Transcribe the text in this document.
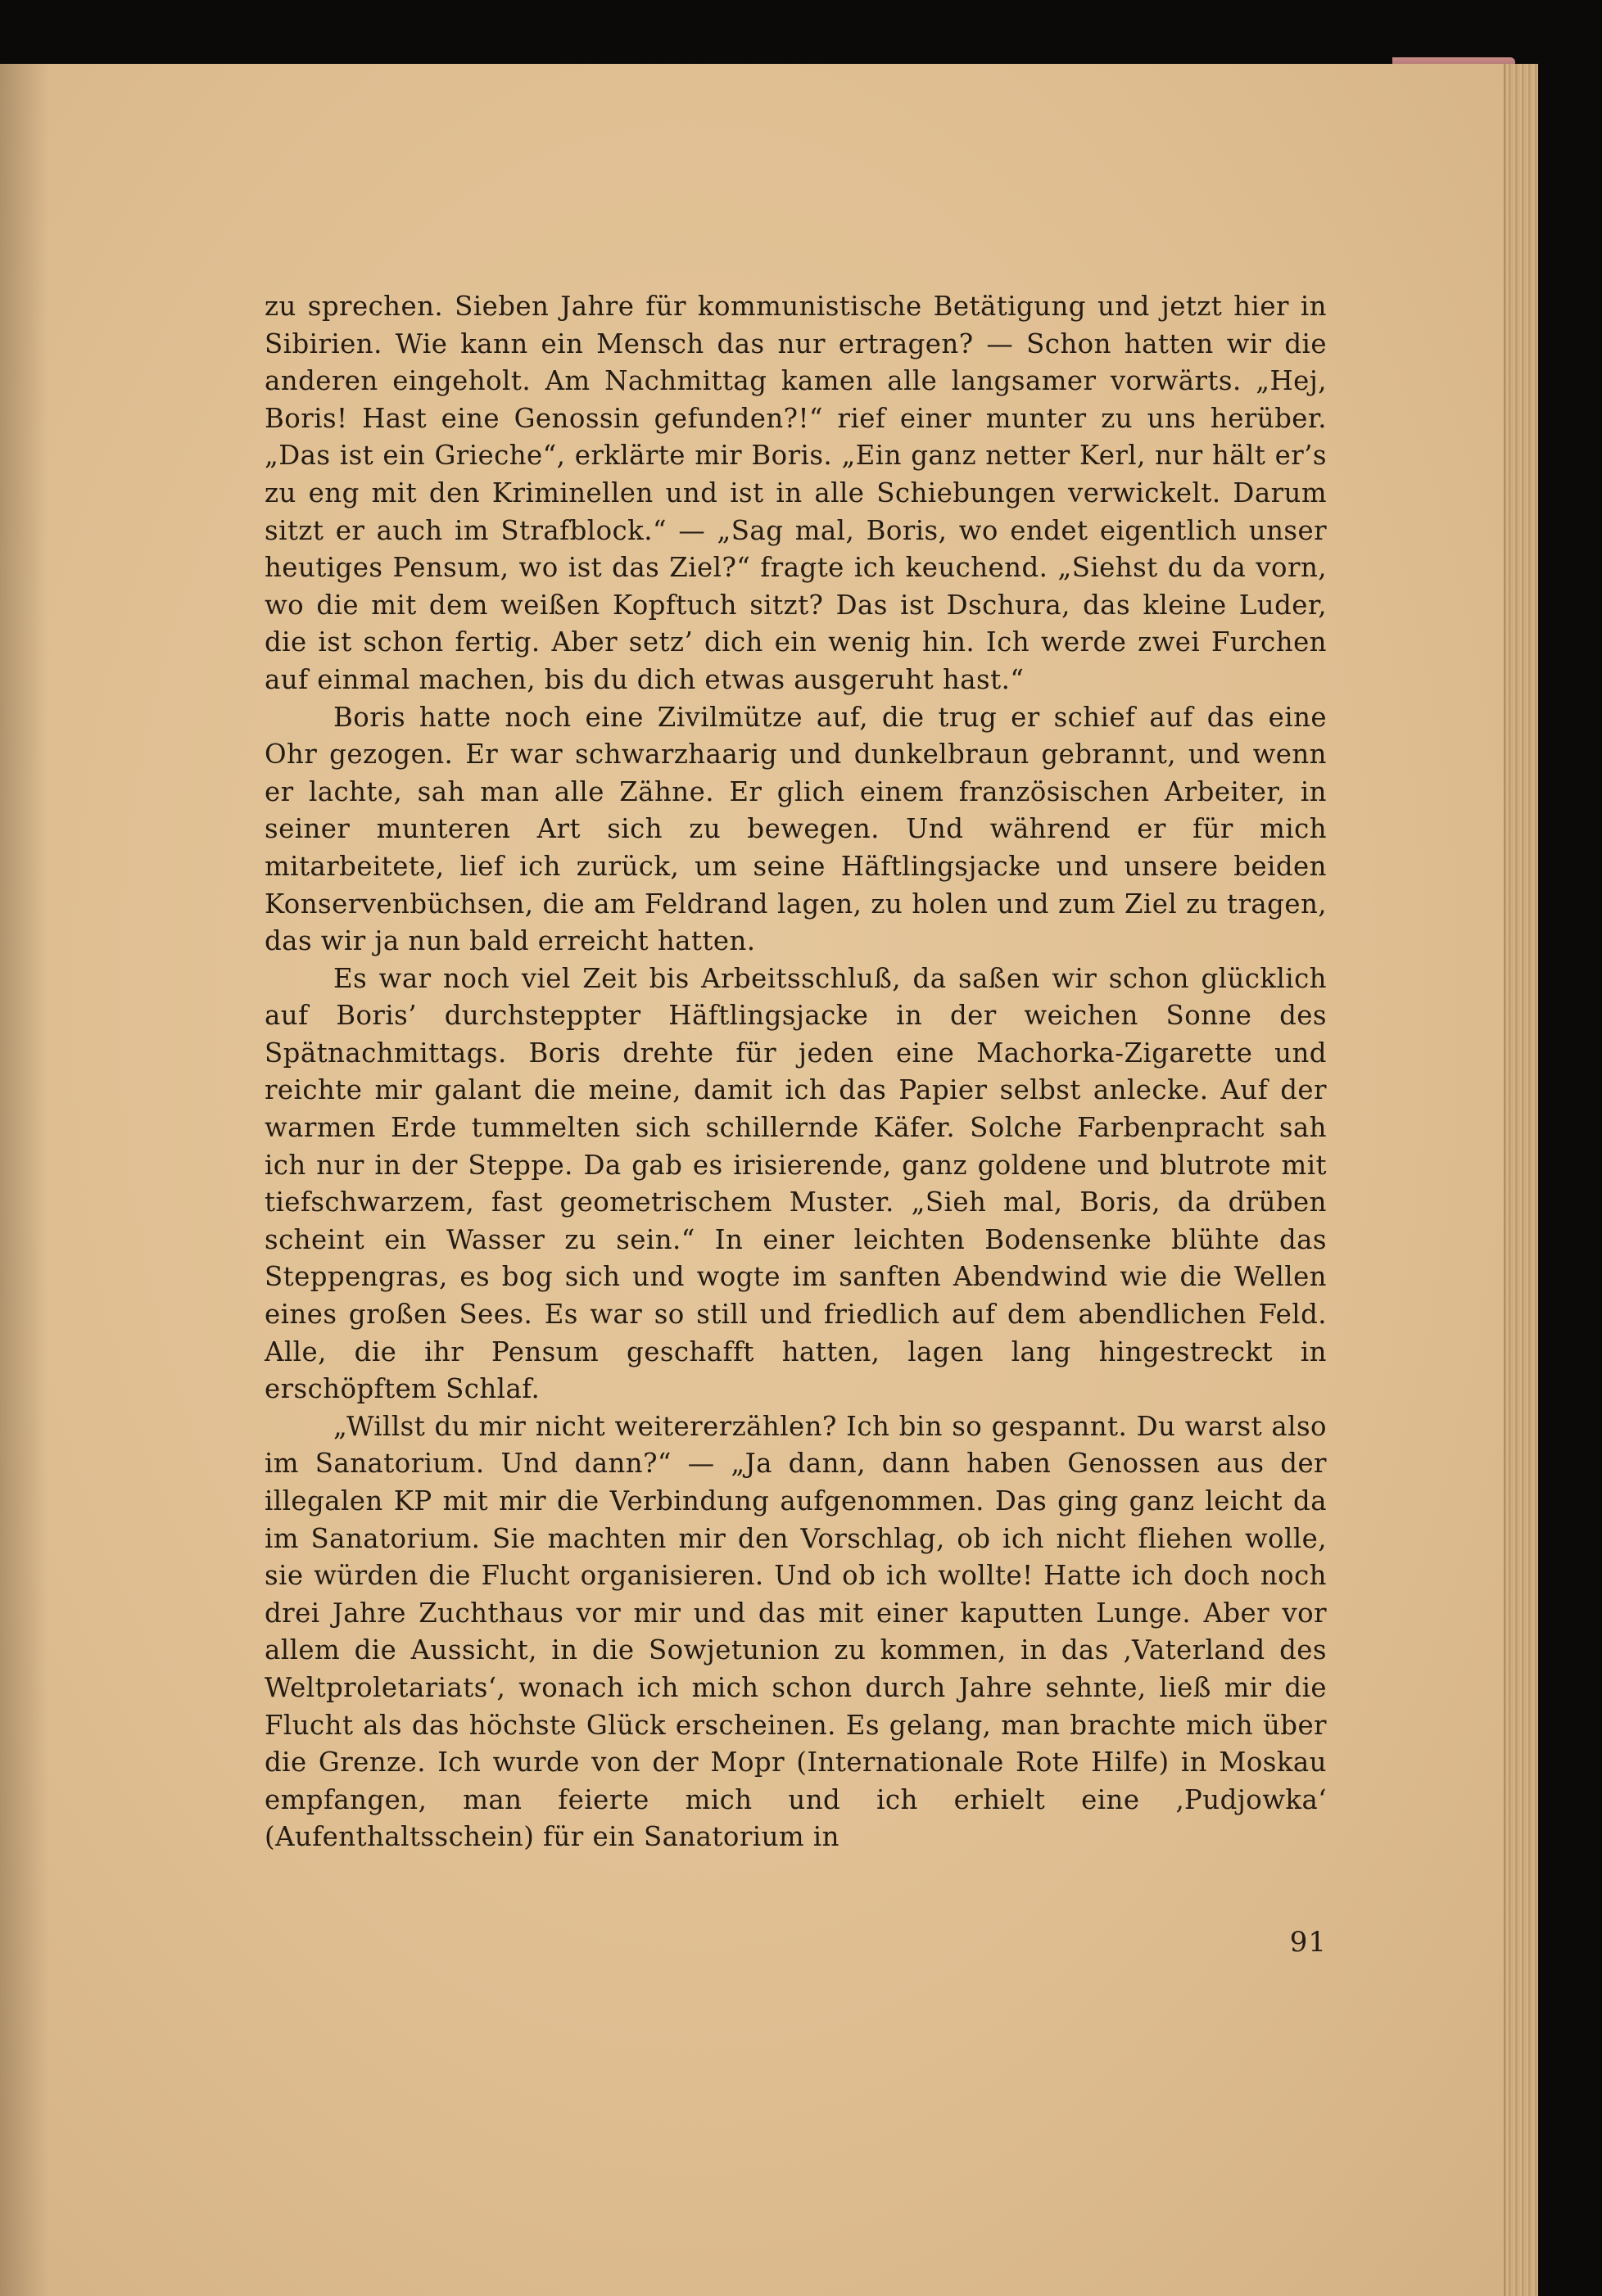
zu sprechen. Sieben Jahre für kommunistische Betätigung und jetzt hier in Sibirien. Wie kann ein Mensch das nur ertragen? — Schon hatten wir die anderen eingeholt. Am Nachmittag kamen alle langsamer vorwärts. „Hej, Boris! Hast eine Genossin gefunden?!“ rief einer munter zu uns herüber. „Das ist ein Grieche“, erklärte mir Boris. „Ein ganz netter Kerl, nur hält er’s zu eng mit den Kriminellen und ist in alle Schiebungen verwickelt. Darum sitzt er auch im Strafblock.“ — „Sag mal, Boris, wo endet eigentlich unser heutiges Pensum, wo ist das Ziel?“ fragte ich keuchend. „Siehst du da vorn, wo die mit dem weißen Kopftuch sitzt? Das ist Dschura, das kleine Luder, die ist schon fertig. Aber setz’ dich ein wenig hin. Ich werde zwei Furchen auf einmal machen, bis du dich etwas ausgeruht hast.“

Boris hatte noch eine Zivilmütze auf, die trug er schief auf das eine Ohr gezogen. Er war schwarzhaarig und dunkelbraun gebrannt, und wenn er lachte, sah man alle Zähne. Er glich einem französischen Arbeiter, in seiner munteren Art sich zu bewegen. Und während er für mich mitarbeitete, lief ich zurück, um seine Häftlingsjacke und unsere beiden Konservenbüchsen, die am Feldrand lagen, zu holen und zum Ziel zu tragen, das wir ja nun bald erreicht hatten.

Es war noch viel Zeit bis Arbeitsschluß, da saßen wir schon glücklich auf Boris’ durchsteppter Häftlingsjacke in der weichen Sonne des Spätnachmittags. Boris drehte für jeden eine Machorka-Zigarette und reichte mir galant die meine, damit ich das Papier selbst anlecke. Auf der warmen Erde tummelten sich schillernde Käfer. Solche Farbenpracht sah ich nur in der Steppe. Da gab es irisierende, ganz goldene und blutrote mit tiefschwarzem, fast geometrischem Muster. „Sieh mal, Boris, da drüben scheint ein Wasser zu sein.“ In einer leichten Bodensenke blühte das Steppengras, es bog sich und wogte im sanften Abendwind wie die Wellen eines großen Sees. Es war so still und friedlich auf dem abendlichen Feld. Alle, die ihr Pensum geschafft hatten, lagen lang hingestreckt in erschöpftem Schlaf.

„Willst du mir nicht weitererzählen? Ich bin so gespannt. Du warst also im Sanatorium. Und dann?“ — „Ja dann, dann haben Genossen aus der illegalen KP mit mir die Verbindung aufgenommen. Das ging ganz leicht da im Sanatorium. Sie machten mir den Vorschlag, ob ich nicht fliehen wolle, sie würden die Flucht organisieren. Und ob ich wollte! Hatte ich doch noch drei Jahre Zuchthaus vor mir und das mit einer kaputten Lunge. Aber vor allem die Aussicht, in die Sowjetunion zu kommen, in das ‚Vaterland des Weltproletariats‘, wonach ich mich schon durch Jahre sehnte, ließ mir die Flucht als das höchste Glück erscheinen. Es gelang, man brachte mich über die Grenze. Ich wurde von der Mopr (Internationale Rote Hilfe) in Moskau empfangen, man feierte mich und ich erhielt eine ‚Pudjowka‘ (Aufenthaltsschein) für ein Sanatorium in

91
